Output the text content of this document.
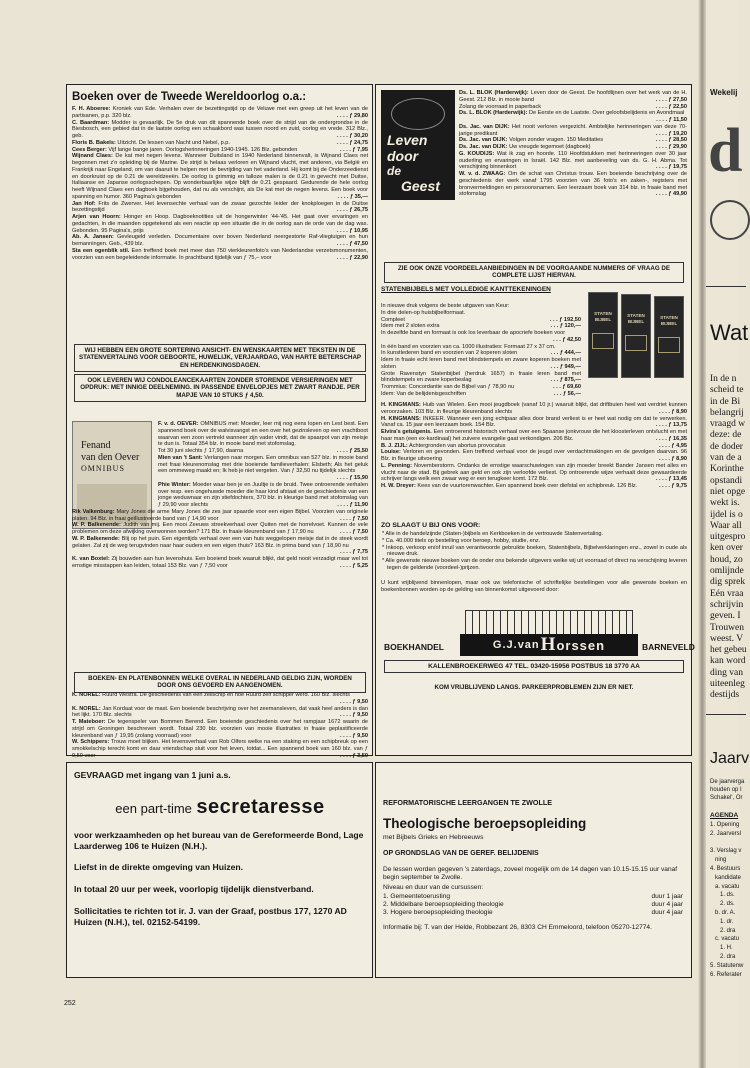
Boeken over de Tweede Wereldoorlog o.a.:

F. H. Aboeree: Kroniek van Ede. Verhalen over de bezettingstijd op de Veluwe met een greep uit het leven van de partisanen, p.p. 320 blz.	. . . . ƒ 29,80

C. Baardman: Modder is gevaarlijk. De 5e druk van dit spannende boek over de strijd van de ondergrondse in de Biesbosch, een gebied dat in de laatste oorlog een schaakbord was tussen noord en zuid, oorlog en vrede. 312 Blz., geb.	. . . . ƒ 30,20

Floris B. Bakels: Uitzicht. De lessen van Nacht und Nebel, p.p.	. . . . ƒ 24,75

Cees Berger: Vijf lange bange jaren. Oorlogsherinneringen 1940-1945. 126 Blz. gebonden	. . . . ƒ 7,95

Wijnand Claes: De kat met negen levens. Wanneer Duitsland in 1940 Nederland binnenvalt, is Wijnand Claes net begonnen met z'n opleiding bij de Marine. De strijd is helaas verloren en Wijnand vlucht, met anderen, via België en Frankrijk naar Engeland, om van daaruit te helpen met de bevrijding van het vaderland. Hij komt bij de Onderzeedienst en doorkruist op de 0.21 de wereldzeeën. De oorlog is grimmig en talloze malen is de 0.21 in gevecht met Duitse, Italiaanse en Japanse oorlogsschepen. Op wonderbaarlijke wijze blijft de 0.21 gespaard. Gedurende de hele oorlog heeft Wijnand Claes een dagboek bijgehouden, dat nu als verschijnt, als De kat met de negen levens. Een boek voor spanning en humor. 360 Pagina's gebonden	. . . . ƒ 35,—

Jan Hof: Frits de Zwerver. Het levensechte verhaal van de zwaar gezochte leider der knokploegen in de Duitse bezettingstijd	. . . . ƒ 26,75

Arjen van Hoorn: Honger en Hoop. Dagboeknotities uit de hongerwinter '44-'45. Het gaat over ervaringen en gedachten, in die maanden opgetekend als een reactie op een situatie die in de oorlog aan de orde van de dag was. Gebonden. 95 Pagina's, prijs	. . . . ƒ 10,95

Ab. A. Jansen: Gevleugeld verleden. Documentaire over boven Nederland neergestorte Raf-vliegtuigen en hun bemanningen. Geb., 439 blz.	. . . . ƒ 47,50

Sta een ogenblik stil. Een treffend boek met meer dan 750 vierkleurenfoto's van Nederlandse verzetsmonumenten, voorzien van een begeleidende informatie. In prachtband tijdelijk van ƒ 75,– voor	. . . . ƒ 22,90

WIJ HEBBEN EEN GROTE SORTERING ANSICHT- EN WENSKAARTEN MET TEKSTEN IN DE STATENVERTALING VOOR GEBOORTE, HUWELIJK, VERJAARDAG, VAN HARTE BETERSCHAP EN HERDENKINGSDAGEN.
OOK LEVEREN WIJ CONDOLEANCEKAARTEN ZONDER STORENDE VERSIERINGEN MET OPDRUK: MET INNIGE DEELNEMING. IN PASSENDE ENVELOPJES MET ZWART RANDJE. PER MAPJE VAN 10 STUKS ƒ 4,50.
Fenand
van den Oever
OMNIBUS

F. v. d. OEVER: OMNIBUS met: Moeder, leer mij nog eens lopen en Lest best. Een spannend boek over de walvisvangst en een over het gezinsleven op een vrachtboot waarvan een zoon vertrekt wanneer zijn vader vindt, dat de spaarpot van zijn meisje te dun is. Totaal 354 blz. in mooie band met stofomslag.

Tot 30 juni slechts ƒ 17,90, daarna	. . . . ƒ 25,50

Mien van 't Sant: Verlangen naar morgen. Een omnibus van 527 blz. in mooie band met fraai kleurenomslag met drie boeiende familieverhalen: Elsbeth; Als het geluk een ommeweg maakt en; Ik heb je niet vergeten. Van ƒ 32,50 nu tijdelijk slechts
. . . . ƒ 15,90

Phie Winter: Moeder waar ben je en Juultje is de bruid. Twee ontroerende verhalen over resp. een ongehuwde moeder die haar kind afstaat en de geschiedenis van een jonge weduwnaar en zijn stiefdochters, 370 blz. in kleurige band met stofomslag van ƒ 29,90 voor slechts	. . . . ƒ 11,90

Rik Valkenburg: Mary Jones die arme Mary Jones die zes jaar spaarde voor een eigen Bijbel. Voorzien van originele platen. 94 Blz. in fraai geïllustreerde band van ƒ 14,90 voor	. . . . ƒ 7,50

W. P. Balkenende: Judith van mij. Een mooi Zeeuws streekverhaal over Quiten met de horrelvoet. Kunnen de vele problemen om deze afwijking overwonnen worden? 171 Blz. in fraaie kleurenband van ƒ 17,90 nu	. . . . ƒ 7,50

W. P. Balkenende: Blij op het puin. Een eigentijds verhaal over een van huis weggelopen meisje dat in de steek wordt gelaten. Zal zij de weg terugvinden naar haar ouders en een eigen thuis? 163 Blz. in prima band van ƒ 18,90 nu
. . . . ƒ 7,75

K. van Boxtel: Zij bouwden aan hun levenshuis. Een boeiend boek waaruit blijkt, dat geld nooit verzadigt maar wel tot ernstige misstappen kan leiden, totaal 153 Blz. van ƒ 7,50 voor	. . . . ƒ 5,25

BOEKEN- EN PLATENBONNEN WELKE OVERAL IN NEDERLAND GELDIG ZIJN, WORDEN DOOR ONS GEVOERD EN AANGENOMEN.

K. NOREL: Ruurd Westra. De geschiedenis van een zeilschip en hoe Ruurd zelf schipper werd. 160 Blz. slechts
. . . . ƒ 9,50

K. NOREL: Jan Kordaat voor de mast. Een boeiende beschrijving over het zeemansleven, dat vaak heel anders is dan het lijkt. 170 Blz. slechts	. . . . ƒ 9,50

T. Mateboer: De tegenspeler van Bommen Berend. Een boeiende geschiedenis over het rampjaar 1672 waarin de strijd om Groningen beschreven wordt. Totaal 230 blz. voorzien van mooie illustraties in fraaie geplastificeerde kleurenband van ƒ 19,95 (zolang voorraad) voor	. . . . ƒ 9,50

W. Schippers: Trouw moet blijken. Het levensverhaal van Rob Olfers welke na een staking en een schipbreuk op een smokkelschip terecht komt en daar vriendschap sluit voor het leven, totdat... Een spannend boek van 160 blz. van ƒ 9,50 voor	. . . . ƒ 3,50

Leven
door
de
Geest

Ds. L. BLOK (Harderwijk): Leven door de Geest. De hoofdlijnen over het werk van de H. Geest. 212 Blz. in mooie band	. . . . ƒ 27,50

Zolang de voorraad in paperback	. . . . ƒ 22,50

Ds. L. BLOK (Harderwijk): De Eerste en de Laatste. Over geloofsbelijdenis en Avondmaal
. . . . ƒ 11,50

Ds. Jac. van DIJK: Het nooit verloren vergezicht. Ambtelijke herinneringen van deze 70-jarige predikant	. . . . ƒ 19,20

Ds. Jac. van DIJK: Volgen zonder vragen. 150 Meditaties	. . . . ƒ 28,50

Ds. Jac. van DIJK: Uw vreugde tegemoet (dagboek)	. . . . ƒ 29,90

G. KOUDIJS: Wat ik zag en hoorde. 110 Hoofdstukken met herinneringen over 30 jaar ouderling en ervaringen in Israël. 142 Blz. met aanbeveling van ds. G. H. Abma. Tot verschijning binnenkort	. . . . ƒ 19,75

W. v. d. ZWAAG: Om de schat van Christus trouw. Een boeiende beschrijving over de geschiedenis der werk vanaf 1795 voorzien van 36 foto's en zaken-, registers met bronvermeldingen en persoonsnamen. Een leerzaam boek van 314 blz. in fraaie band met stofomslag	. . . . ƒ 49,90

ZIE OOK ONZE VOORDEELAANBIEDINGEN IN DE VOORGAANDE NUMMERS OF VRAAG DE COMPLETE LIJST HIERVAN.
STATENBIJBELS MET VOLLEDIGE KANTTEKENINGEN

In nieuwe druk volgens de beste uitgaven van Keur:

In drie delen-op huisbijbelformaat.

Compleet	. . . ƒ 192,50

Idem met 2 sloten extra	. . . ƒ 120,—

In dezelfde band en formaat is ook los leverbaar de apocriefe boeken voor
. . . ƒ 42,50

In één band en voorzien van ca. 1000 illustraties: Formaat 27 x 37 cm.

In kunstlederen band en voorzien van 2 koperen sloten	. . . ƒ 444,—

Idem in fraaie echt leren band met blindstempels en zware koperen boeken met sloten	. . . ƒ 949,—

Grote Ravenstyn Statenbijbel (herdruk 1657) in fraaie leren band met blindstempels en zware koperbeslag	. . . ƒ 875,—

Trommius: Concordantie van de Bijbel van ƒ 78,90 nu	. . . ƒ 69,60

Idem: Van de belijdenisgeschriften	. . . ƒ 56,—

STATEN BIJBEL
STATEN BIJBEL
STATEN BIJBEL

H. KINGMANS: Huib van Wielen. Een mooi jeugdboek (vanaf 10 jr.) waaruit blijkt, dat driftbuien heel wat verdriet kunnen veroorzaken. 103 Blz. in fleurige kleurenband slechts	. . . . ƒ 8,90

H. KINGMANS: INKEER. Wanneer een jong echtpaar alles door brand verliest is er heel wat nodig om dat te verwerken. Vanaf ca. 15 jaar een leerzaam boek. 154 Blz.	. . . . ƒ 13,75

Elvira's getuigenis. Een ontroerend historisch verhaal over een Spaanse jonkvrouw die het kloosterleven ontvlucht en met haar man (een ex-kardinaal) het zuivere evangelie gaat verkondigen. 206 Blz.	. . . . ƒ 16,35

B. J. ZIJL: Achtergronden van abortus provocatus	. . . . ƒ 4,95

Louise: Verloren en gevonden. Een treffend verhaal voor de jeugd over verdachtmakingen en de gevolgen daarvan. 96 Blz. in fleurige uitvoering	. . . . ƒ 8,90

L. Penning: Novemberstorm. Ondanks de ernstige waarschuwingen van zijn moeder breekt Bander Jansen met alles en vlucht naar de stad. Bij gebrek aan geld en ook zijn verloofde verliest. Op ontroerende wijze verhaalt deze gewaardeerde schrijver langs welk een zwaar weg er een terugkeer komt. 172 Blz.	. . . . ƒ 13,45

H. W. Dreyer: Kees van de vuurtorenwachter. Een spannend boek over diefstal en schipbreuk. 126 Blz.	. . . . ƒ 9,75

ZO SLAAGT U BIJ ONS VOOR:

* Alle in de handelzijnde (Staten-)bijbels en Kerkboeken in de vertrouwde Statenvertaling.

* Ca. 40.000 titels op bestelling voor beroep, hobby, studie, enz.

* Inkoop, verkoop en/of inruil van verantwoorde gebruikte boeken, Statenbijbels, Bijbelverklaringen enz., zowel in oude als nieuwe druk.

* Alle gewenste nieuwe boeken van de onder ons bekende uitgevers welke wij uit voorraad of direct na verschijning leveren tegen de geldende (voordeel-)prijzen.

U kunt vrijblijvend binnenlopen, maar ook uw telefonische of schriftelijke bestellingen voor alle gewenste boeken en boekenbonnen worden op de gelding van binnenkomst uitgevoerd door:
BOEKHANDEL	G.J.van H orssen	BARNEVELD
KALLENBROEKERWEG 47 TEL. 03420-15956 POSTBUS 18 3770 AA
KOM VRIJBLIJVEND LANGS. PARKEERPROBLEMEN ZIJN ER NIET.
GEVRAAGD met ingang van 1 juni a.s.
een part-time secretaresse
voor werkzaamheden op het bureau van de Gereformeerde Bond, Lage Laarderweg 106 te Huizen (N.H.).
Liefst in de direkte omgeving van Huizen.
In totaal 20 uur per week, voorlopig tijdelijk dienstverband.
Sollicitaties te richten tot ir. J. van der Graaf, postbus 177, 1270 AD Huizen (N.H.), tel. 02152-54199.
REFORMATORISCHE LEERGANGEN TE ZWOLLE
Theologische beroepsopleiding
met Bijbels Grieks en Hebreeuws
OP GRONDSLAG VAN DE GEREF. BELIJDENIS
De lessen worden gegeven 's zaterdags, zoveel mogelijk om de 14 dagen van 10.15-15.15 uur vanaf begin september te Zwolle.
Niveau en duur van de cursussen:
1. Gemeentetoerusting	duur 1 jaar
2. Middelbare beroepsopleiding theologie	duur 4 jaar
3. Hogere beroepsopleiding theologie	duur 4 jaar
Informatie bij: T. van der Helde, Robbezant 26, 8303 CH Emmeloord, telefoon 05270-12774.
252
Wekelij
d
Wat
In de n
scheid te
in de Bi
belangrij
vraagd w
deze: de
de doder
van de a
Korinthe
opstandi
niet opge
wekt is.
ijdel is o
Waar all
uitgespro
ken over
houd, zo
omlijnde
dig sprek
Eén vraa
schrijvin
geven. I
Trouwen
weest. V
het gebeu
kan word
ding van
uiteenleg
destijds
Jaarv
De jaarverga
houden op I
Schakel', Or
AGENDA
1. Opening
2. Jaarversl

3. Verslag v
ning
4. Bestuurs
kandidate
a. vacatu
1. ds.
2. ds.
b. dr. A.
1. dr.
2. dra
c. vacatu
1. H.
2. dra
5. Statutenw
6. Referater
